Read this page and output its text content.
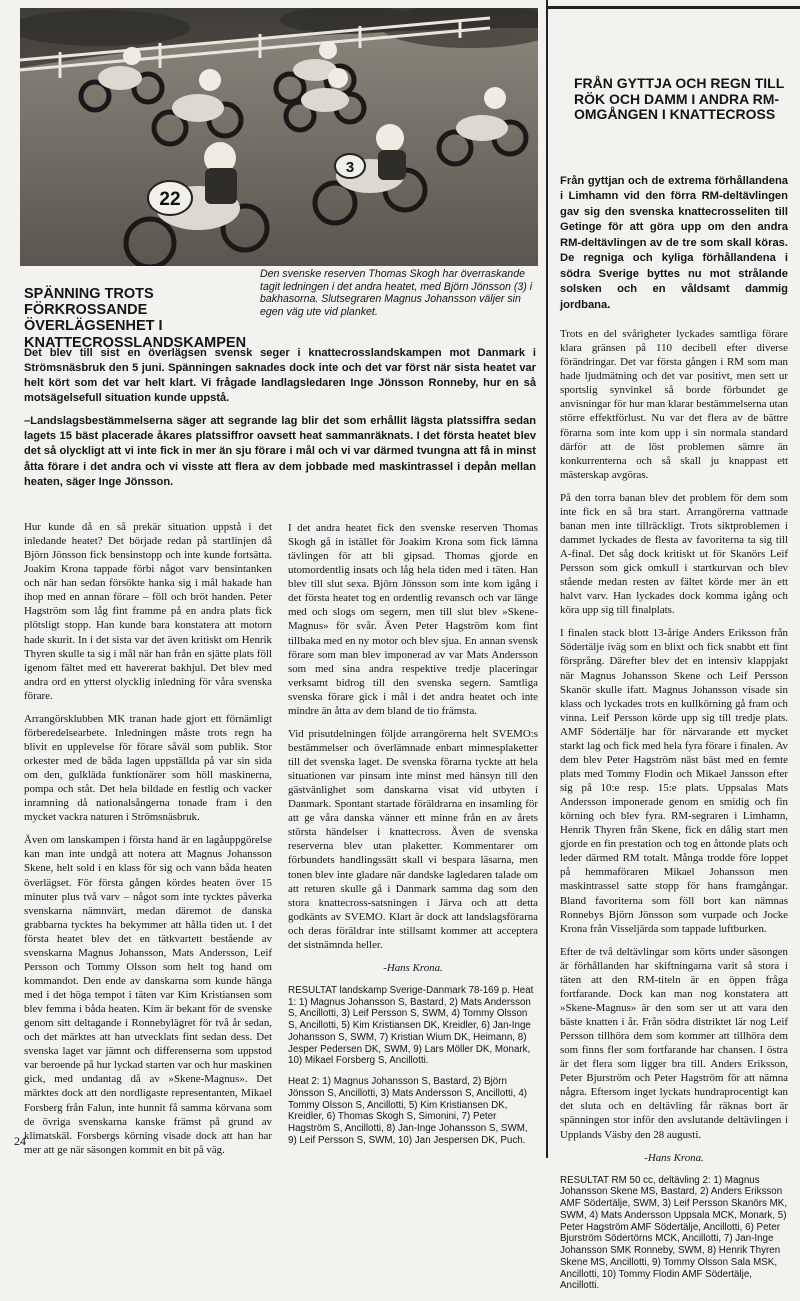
22
3
Den svenske reserven Thomas Skogh har överraskande tagit ledningen i det andra heatet, med Björn Jönsson (3) i bakhasorna. Slutsegraren Magnus Johansson väljer sin egen väg ute vid planket.
SPÄNNING TROTS FÖRKROSSANDE ÖVERLÄGSENHET I KNATTECROSSLANDSKAMPEN

Det blev till sist en överlägsen svensk seger i knattecrosslandskampen mot Danmark i Strömsnäsbruk den 5 juni. Spänningen saknades dock inte och det var först när sista heatet var helt kört som det var helt klart. Vi frågade landlagsledaren Inge Jönsson Ronneby, hur en så motsägelsefull situation kunde uppstå.

–Landslagsbestämmelserna säger att segrande lag blir det som erhållit lägsta platssiffra sedan lagets 15 bäst placerade åkares platssiffror oavsett heat sammanräknats. I det första heatet blev det så olyckligt att vi inte fick in mer än sju förare i mål och vi var därmed tvungna att få in minst åtta förare i det andra och vi visste att flera av dem jobbade med maskintrassel i depån mellan heaten, säger Inge Jönsson.

Hur kunde då en så prekär situation uppstå i det inledande heatet? Det började redan på startlinjen då Björn Jönsson fick bensinstopp och inte kunde fortsätta. Joakim Krona tappade förbi något varv bensintanken och när han sedan försökte hanka sig i mål hakade han ihop med en annan förare – föll och bröt handen. Peter Hagström som låg fint framme på en andra plats fick plötsligt stopp. Han kunde bara konstatera att motorn hade skurit. In i det sista var det även kritiskt om Henrik Thyren skulle ta sig i mål när han från en sjätte plats föll igenom fältet med ett havererat bakhjul. Det blev med andra ord en ytterst olycklig inledning för våra svenska förare.

Arrangörsklubben MK tranan hade gjort ett förnämligt förberedelsearbete. Inledningen måste trots regn ha blivit en upplevelse för förare såväl som publik. Stor orkester med de båda lagen uppställda på var sin sida om den, gulkläda funktionärer som höll maskinerna, pompa och ståt. Det hela bildade en festlig och vacker inramning då nationalsångerna tonade fram i den mycket vackra naturen i Strömsnäsbruk.

Även om lanskampen i första hand är en lagåuppgörelse kan man inte undgå att notera att Magnus Johansson Skene, helt sold i en klass för sig och vann båda heaten överlägset. För första gången kördes heaten över 15 minuter plus två varv – något som inte tycktes påverka svenskarna nämnvärt, medan däremot de danska grabbarna tycktes ha bekymmer att hålla tiden ut. I det första heatet blev det en tätkvartett bestående av svenskarna Magnus Johansson, Mats Andersson, Leif Persson och Tommy Olsson som helt tog hand om kommandot. Den ende av danskarna som kunde hänga med i det höga tempot i täten var Kim Kristiansen som blev femma i båda heaten. Kim är bekant för de svenske genom sitt deltagande i Ronnebylägret för två år sedan, och det märktes att han utvecklats fint sedan dess. Det svenska laget var jämnt och differenserna som uppstod var beroende på hur lyckad starten var och hur maskinen gick, med undantag då av »Skene-Magnus». Det märktes dock att den nordligaste representanten, Mikael Forsberg från Falun, inte hunnit få samma körvana som de övriga svenskarna kanske främst på grund av klimatskäl. Forsbergs körning visade dock att han har mer att ge när säsongen kommit en bit på väg.

I det andra heatet fick den svenske reserven Thomas Skogh gå in istället för Joakim Krona som fick lämna tävlingen för att bli gipsad. Thomas gjorde en utomordentlig insats och låg hela tiden med i täten. Han blev till slut sexa. Björn Jönsson som inte kom igång i det första heatet tog en ordentlig revansch och var länge med och slogs om segern, men till slut blev »Skene-Magnus» för svår. Även Peter Hagström kom fint tillbaka med en ny motor och blev sjua. En annan svensk förare som man blev imponerad av var Mats Andersson som med sina andra respektive tredje placeringar verksamt bidrog till den svenska segern. Samtliga svenska förare gick i mål i det andra heatet och inte mindre än åtta av dem bland de tio främsta.

Vid prisutdelningen följde arrangörerna helt SVEMO:s bestämmelser och överlämnade enbart minnesplaketter till det svenska laget. De svenska förarna tyckte att hela situationen var pinsam inte minst med hänsyn till den gästvänlighet som danskarna visat vid utbyten i Danmark. Spontant startade föräldrarna en insamling för att ge våra danska vänner ett minne från en av årets största händelser i knattecross. Även de svenska reserverna blev utan plaketter. Kommentarer om förbundets handlingssätt skall vi bespara läsarna, men tonen blev inte gladare när dandske lagledaren talade om att returen skulle gå i Danmark samma dag som den stora knattecross-satsningen i Järva och att detta godkänts av SVEMO. Klart är dock att landslagsförarna och deras föräldrar inte stillsamt kommer att acceptera det sistnämnda heller.

-Hans Krona.

RESULTAT landskamp Sverige-Danmark 78-169 p. Heat 1: 1) Magnus Johansson S, Bastard, 2) Mats Andersson S, Ancillotti, 3) Leif Persson S, SWM, 4) Tommy Olsson S, Ancillotti, 5) Kim Kristiansen DK, Kreidler, 6) Jan-Inge Johansson S, SWM, 7) Kristian Wium DK, Heimann, 8) Jesper Pedersen DK, SWM, 9) Lars Möller DK, Monark, 10) Mikael Forsberg S, Ancillotti.

Heat 2: 1) Magnus Johansson S, Bastard, 2) Björn Jönsson S, Ancillotti, 3) Mats Andersson S, Ancillotti, 4) Tommy Olsson S, Ancillotti, 5) Kim Kristiansen DK, Kreidler, 6) Thomas Skogh S, Simonini, 7) Peter Hagström S, Ancillotti, 8) Jan-Inge Johansson S, SWM, 9) Leif Persson S, SWM, 10) Jan Jespersen DK, Puch.

FRÅN GYTTJA OCH REGN TILL RÖK OCH DAMM I ANDRA RM-OMGÅNGEN I KNATTECROSS

Från gyttjan och de extrema förhållandena i Limhamn vid den förra RM-deltävlingen gav sig den svenska knattecrosseliten till Getinge för att göra upp om den andra RM-deltävlingen av de tre som skall köras. De regniga och kyliga förhållandena i södra Sverige byttes nu mot strålande solsken och en våldsamt dammig jordbana.

Trots en del svårigheter lyckades samtliga förare klara gränsen på 110 decibell efter diverse förändringar. Det var första gången i RM som man hade ljudmätning och det var positivt, men sett ur sportslig synvinkel så borde förbundet ge anvisningar för hur man klarar bestämmelserna utan större effektförlust. Nu var det flera av de bättre förarna som inte kom upp i sin normala standard därför att de löst problemen sämre än konkurrenterna och så skall ju knappast ett mästerskap avgöras.

På den torra banan blev det problem för dem som inte fick en så bra start. Arrangörerna vattnade banan men inte tillräckligt. Trots siktproblemen i dammet lyckades de flesta av favoriterna ta sig till A-final. Det såg dock kritiskt ut för Skanörs Leif Persson som gick omkull i startkurvan och blev stående medan resten av fältet körde mer än ett halvt varv. Han lyckades dock komma igång och köra upp sig till finalplats.

I finalen stack blott 13-årige Anders Eriksson från Södertälje iväg som en blixt och fick snabbt ett fint försprång. Därefter blev det en intensiv klappjakt när Magnus Johansson Skene och Leif Persson Skanör skulle ifatt. Magnus Johansson visade sin klass och lyckades trots en kullkörning gå fram och vinna. Leif Persson körde upp sig till tredje plats. AMF Södertälje har för närvarande ett mycket starkt lag och fick med hela fyra förare i finalen. Av dem blev Peter Hagström näst bäst med en femte plats med Tommy Flodin och Mikael Jansson efter sig på 10:e resp. 15:e plats. Uppsalas Mats Andersson imponerade genom en smidig och fin körning och blev fyra. RM-segraren i Limhamn, Henrik Thyren från Skene, fick en dålig start men gjorde en fin prestation och tog en åttonde plats och leder därmed RM totalt. Många trodde före loppet på hemmaföraren Mikael Johansson men maskintrassel satte stopp för hans framgångar. Bland favoriterna som föll bort kan nämnas Ronnebys Björn Jönsson som vurpade och Jocke Krona från Visseljärda som tappade luftburken.

Efter de två deltävlingar som körts under säsongen är förhållanden har skiftningarna varit så stora i täten att den RM-titeln är en öppen fråga fortfarande. Dock kan man nog konstatera att »Skene-Magnus» är den som ser ut att vara den bäste knatten i år. Från södra distriktet lär nog Leif Persson tillhöra dem som kommer att tillhöra dem som finns fler som fortfarande har chansen. I östra är det flera som ligger bra till. Anders Eriksson, Peter Bjurström och Peter Hagström för att nämna några. Eftersom inget lyckats hundraprocentigt kan det sluta och en deltävling får räknas bort är spänningen stor inför den avslutande deltävlingen i Upplands Väsby den 28 augusti.

-Hans Krona.

RESULTAT RM 50 cc, deltävling 2: 1) Magnus Johansson Skene MS, Bastard, 2) Anders Eriksson AMF Södertälje, SWM, 3) Leif Persson Skanörs MK, SWM, 4) Mats Andersson Uppsala MCK, Monark, 5) Peter Hagström AMF Södertälje, Ancillotti, 6) Peter Bjurström Södertörns MCK, Ancillotti, 7) Jan-Inge Johansson SMK Ronneby, SWM, 8) Henrik Thyren Skene MS, Ancillotti, 9) Tommy Olsson Sala MSK, Ancillotti, 10) Tommy Flodin AMF Södertälje, Ancillotti.

24
